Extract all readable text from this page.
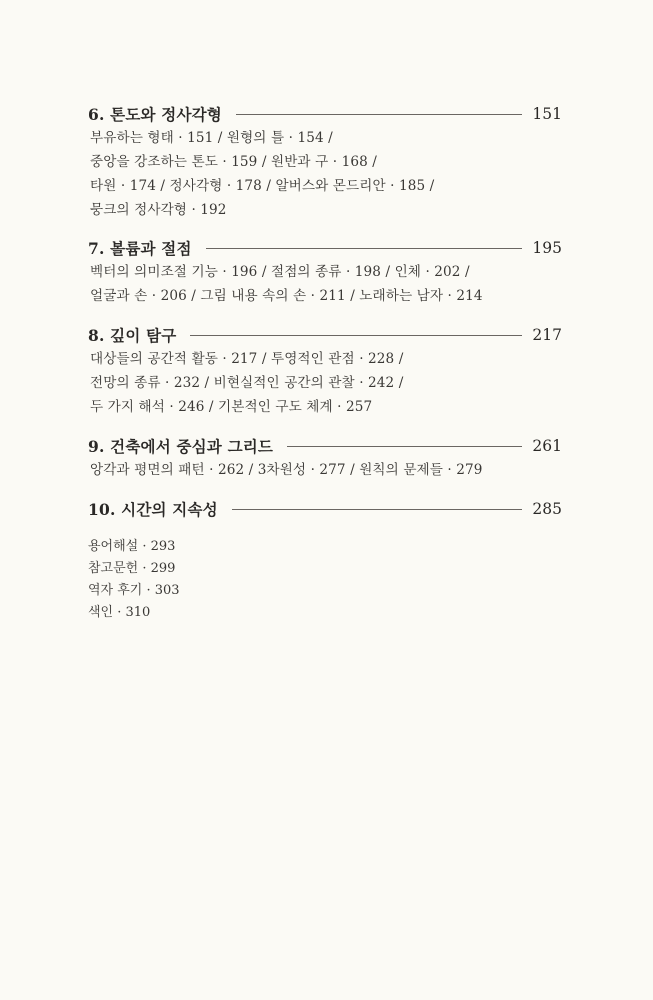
6. 톤도와 정사각형	151
부유하는 형태 · 151 / 원형의 틀 · 154 /
중앙을 강조하는 톤도 · 159 / 원반과 구 · 168 /
타원 · 174 / 정사각형 · 178 / 알버스와 몬드리안 · 185 /
뭉크의 정사각형 · 192
7. 볼륨과 절점	195
벡터의 의미조절 기능 · 196 / 절점의 종류 · 198 / 인체 · 202 /
얼굴과 손 · 206 / 그림 내용 속의 손 · 211 / 노래하는 남자 · 214
8. 깊이 탐구	217
대상들의 공간적 활동 · 217 / 투영적인 관점 · 228 /
전망의 종류 · 232 / 비현실적인 공간의 관찰 · 242 /
두 가지 해석 · 246 / 기본적인 구도 체계 · 257
9. 건축에서 중심과 그리드	261
앙각과 평면의 패턴 · 262 / 3차원성 · 277 / 원칙의 문제들 · 279
10. 시간의 지속성	285
용어해설 · 293
참고문헌 · 299
역자 후기 · 303
색인 · 310
